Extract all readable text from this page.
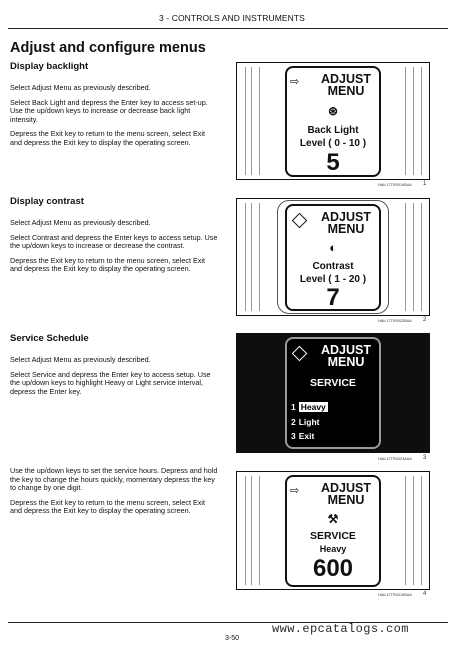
3 - CONTROLS AND INSTRUMENTS
Adjust and configure menus
Display backlight

Select Adjust Menu as previously described.

Select Back Light and depress the Enter key to access set-up. Use the up/down keys to increase or decrease back light intensity.

Depress the Exit key to return to the menu screen, select Exit and depress the Exit key to display the operating screen.

Display contrast

Select Adjust Menu as previously described.

Select Contrast and depress the Enter keys to access setup. Use the up/down keys to increase or decrease the contrast.

Depress the Exit key to return to the menu screen, select Exit and depress the Exit key to display the operating screen.

Service Schedule

Select Adjust Menu as previously described.

Select Service and depress the Enter key to access setup. Use the up/down keys to highlight Heavy or Light service interval, depress the Enter key.

Use the up/down keys to set the service hours. Depress and hold the key to change the hours quickly, momentary depress the key to change by one digit.

Depress the Exit key to return to the menu screen, select Exit and depress the Exit key to display the operating screen.

⇨	ADJUST
MENU
⊛
Back Light
Level ( 0 - 10 )
5
HAIL17TR0014BAA 1
ADJUST
MENU
◐
Contrast
Level ( 1 - 20 )
7
HAIL17TR0022BAA 2
ADJUST
MENU
SERVICE
1 Heavy
2 Light
3 Exit
HAIL17TR0023AAA 3
⇨	ADJUST
MENU
⚒
SERVICE
Heavy
600
HAIL17TR0019BAA 4
www.epcatalogs.com
3-50
